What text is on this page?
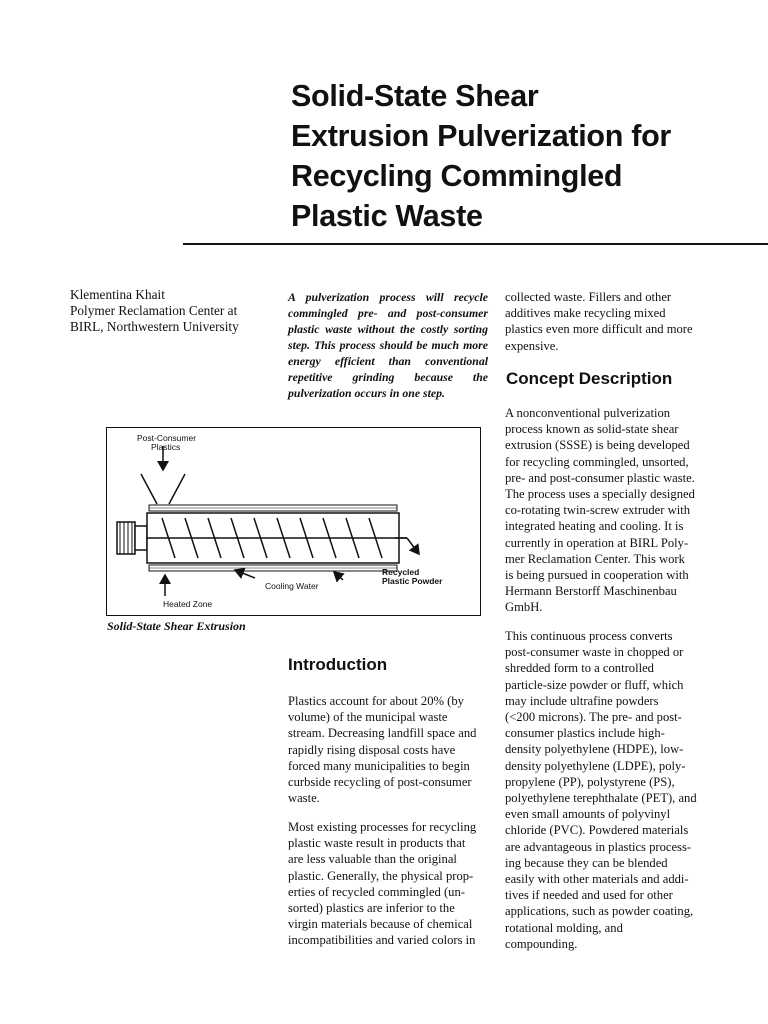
Solid-State Shear
Extrusion Pulverization for
Recycling Commingled
Plastic Waste
Klementina Khait
Polymer Reclamation Center at
BIRL, Northwestern University
A pulverization process will recycle commingled pre- and post-consumer plastic waste without the costly sorting step. This process should be much more energy efficient than conventional repetitive grinding because the pulverization occurs in one step.
Post-Consumer
Plastics
Recycled
Plastic Powder
Cooling Water
Heated Zone
Solid-State Shear Extrusion
collected waste. Fillers and other
additives make recycling mixed
plastics even more difficult and more
expensive.
Concept Description
A nonconventional pulverization
process known as solid-state shear
extrusion (SSSE) is being developed
for recycling commingled, unsorted,
pre- and post-consumer plastic waste.
The process uses a specially designed
co-rotating twin-screw extruder with
integrated heating and cooling. It is
currently in operation at BIRL Poly-
mer Reclamation Center. This work
is being pursued in cooperation with
Hermann Berstorff Maschinenbau
GmbH.
This continuous process converts
post-consumer waste in chopped or
shredded form to a controlled
particle-size powder or fluff, which
may include ultrafine powders
(<200 microns). The pre- and post-
consumer plastics include high-
density polyethylene (HDPE), low-
density polyethylene (LDPE), poly-
propylene (PP), polystyrene (PS),
polyethylene terephthalate (PET), and
even small amounts of polyvinyl
chloride (PVC). Powdered materials
are advantageous in plastics process-
ing because they can be blended
easily with other materials and addi-
tives if needed and used for other
applications, such as powder coating,
rotational molding, and
compounding.
Introduction
Plastics account for about 20% (by
volume) of the municipal waste
stream. Decreasing landfill space and
rapidly rising disposal costs have
forced many municipalities to begin
curbside recycling of post-consumer
waste.
Most existing processes for recycling
plastic waste result in products that
are less valuable than the original
plastic. Generally, the physical prop-
erties of recycled commingled (un-
sorted) plastics are inferior to the
virgin materials because of chemical
incompatibilities and varied colors in
